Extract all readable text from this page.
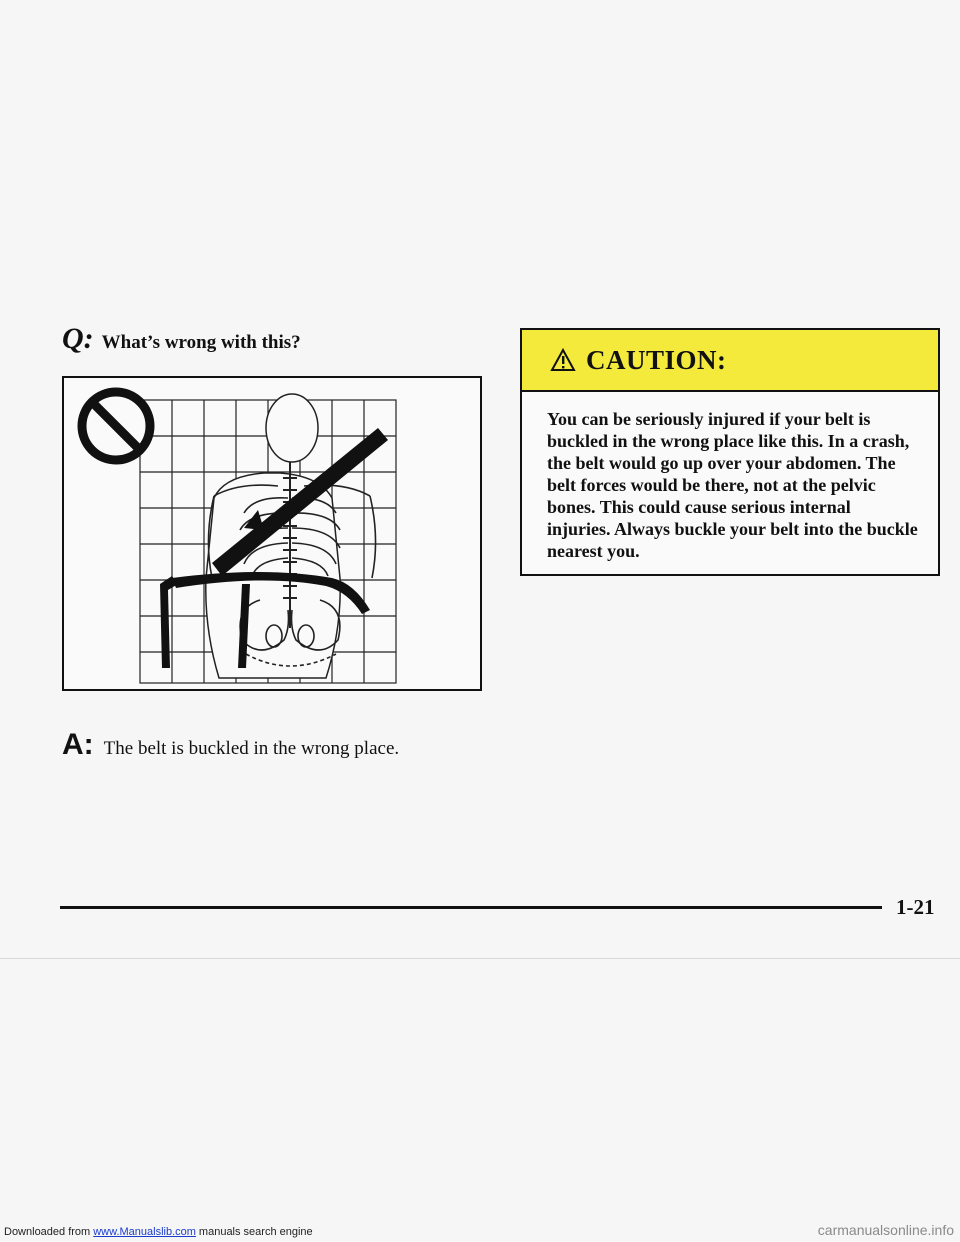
Q: What’s wrong with this?
A: The belt is buckled in the wrong place.
CAUTION:
You can be seriously injured if your belt is buckled in the wrong place like this. In a crash, the belt would go up over your abdomen. The belt forces would be there, not at the pelvic bones. This could cause serious internal injuries. Always buckle your belt into the buckle nearest you.
1-21
Downloaded from www.Manualslib.com manuals search engine	carmanualsonline.info
